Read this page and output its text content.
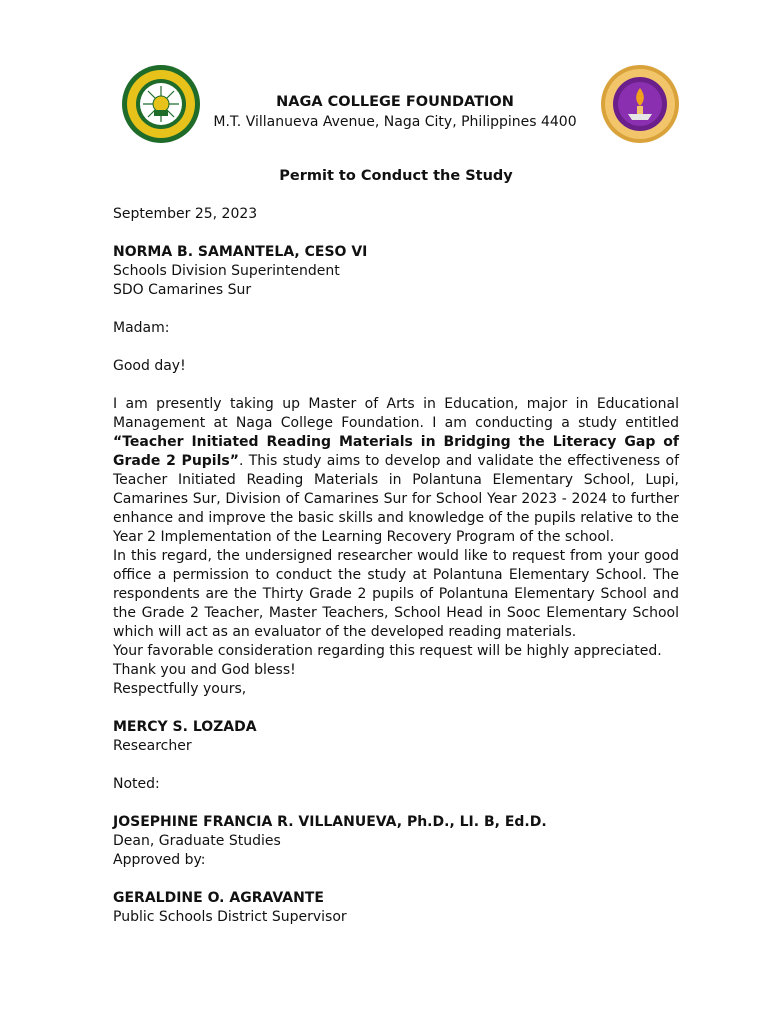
NAGA COLLEGE FOUNDATION
M.T. Villanueva Avenue, Naga City, Philippines 4400
Permit to Conduct the Study

September 25, 2023

NORMA B. SAMANTELA, CESO VI

Schools Division Superintendent

SDO Camarines Sur

Madam:

Good day!

I am presently taking up Master of Arts in Education, major in Educational Management at Naga College Foundation. I am conducting a study entitled “Teacher Initiated Reading Materials in Bridging the Literacy Gap of Grade 2 Pupils”. This study aims to develop and validate the effectiveness of Teacher Initiated Reading Materials in Polantuna Elementary School, Lupi, Camarines Sur, Division of Camarines Sur for School Year 2023 - 2024 to further enhance and improve the basic skills and knowledge of the pupils relative to the Year 2 Implementation of the Learning Recovery Program of the school.

In this regard, the undersigned researcher would like to request from your good office a permission to conduct the study at Polantuna Elementary School. The respondents are the Thirty Grade 2 pupils of Polantuna Elementary School and the Grade 2 Teacher, Master Teachers, School Head in Sooc Elementary School which will act as an evaluator of the developed reading materials.

Your favorable consideration regarding this request will be highly appreciated.

Thank you and God bless!

Respectfully yours,

MERCY S. LOZADA

Researcher

Noted:

JOSEPHINE FRANCIA R. VILLANUEVA, Ph.D., LI. B, Ed.D.

Dean, Graduate Studies

Approved by:

GERALDINE O. AGRAVANTE

Public Schools District Supervisor
